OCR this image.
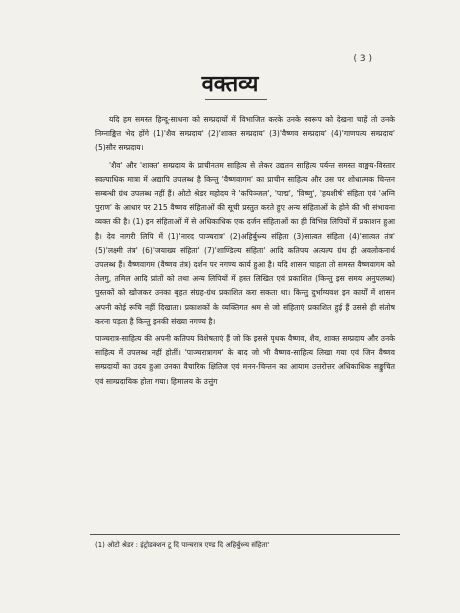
( 3 )
वक्तव्य

यदि हम समस्त हिन्दू-साधना को सम्प्रदायों में विभाजित करके उनके स्वरूप को देखना चाहें तो उनके निम्नाङ्कित भेद होंगे (1)'शैव सम्प्रदाय' (2)'शाक्त सम्प्रदाय' (3)'वैष्णव सम्प्रदाय' (4)'गाणपत्य सम्प्रदाय' (5)सौर सम्प्रदाय।

'शैव' और 'शाक्त' सम्प्रदाय के प्राचीनतम साहित्य से लेकर उद्यतन साहित्य पर्यन्त समस्त वाङ्मय-विस्तार स्वल्पाधिक मात्रा में अद्यापि उपलब्ध है किन्तु 'वैष्णवागम' का प्राचीन साहित्य और उस पर शोधात्मक चिन्तन सम्बन्धी ग्रंथ उपलब्ध नहीं हैं। ओटो श्रेडर महोदय ने 'कपिञ्जल', 'पाद्म', 'विष्णु', 'हयशीर्ष' संहिता एवं 'अग्नि पुराण' के आधार पर 215 वैष्णव संहिताओं की सूची प्रस्तुत करते हुए अन्य संहिताओं के होने की भी संभावना व्यक्त की है। (1) इन संहिताओं में से अधिकाधिक एक दर्जन संहिताओं का ही विभिन्न लिपियों में प्रकाशन हुआ है। देव नागरी लिपि में (1)'नारद पाञ्चरात्र' (2)अहिर्बुध्न्य संहिता (3)सात्वत संहिता (4)'सात्वत तंत्र' (5)'लक्ष्मी तंत्र' (6)'जयाख्य संहिता' (7)'शाण्डिल्य संहिता' आदि कतिपय अत्यल्प ग्रंथ ही अवलोकनार्थ उपलब्ध हैं। वैष्णवागम (वैष्णव तंत्र) दर्शन पर नगण्य कार्य हुआ है। यदि शासन चाहता तो समस्त वैष्णवागम को तेलगु, तमिल आदि प्रांतों को तथा अन्य लिपियों में हस्त लिखित एवं प्रकाशित (किन्तु इस समय अनुपलब्ध) पुस्तकों को खोजकर उनका बृहत संग्रह-ग्रंथ प्रकाशित करा सकता था। किन्तु दुर्भाग्यवश इन कार्यों में शासन अपनी कोई रूचि नहीं दिखाता। प्रकाशकों के व्यक्तिगत श्रम से जो संहिताएं प्रकाशित हुई हैं उससे ही संतोष करना पड़ता है किन्तु इनकी संख्या नगण्य है।

पाञ्चरात्र-साहित्य की अपनी कतिपय विशेषताएं हैं जो कि इससे पृथक वैष्णव, शैव, शाक्त सम्प्रदाय और उनके साहित्य में उपलब्ध नहीं होतीं। 'पाञ्चरात्रागम' के बाद जो भी वैष्णव-साहित्य लिखा गया एवं जिन वैष्णव सम्प्रदायों का उदय हुआ उनका वैचारिक क्षितिज एवं मनन-चिन्तन का आयाम उत्तरोत्तर अधिकाधिक सङ्कुचित एवं साम्प्रदायिक होता गया। हिमालय के उत्तुंग

(1) ओटो श्रेडर : इंट्रोडक्शन टू दि पान्चरात्र एण्ड दि अहिर्बुध्न्य संहिता'
